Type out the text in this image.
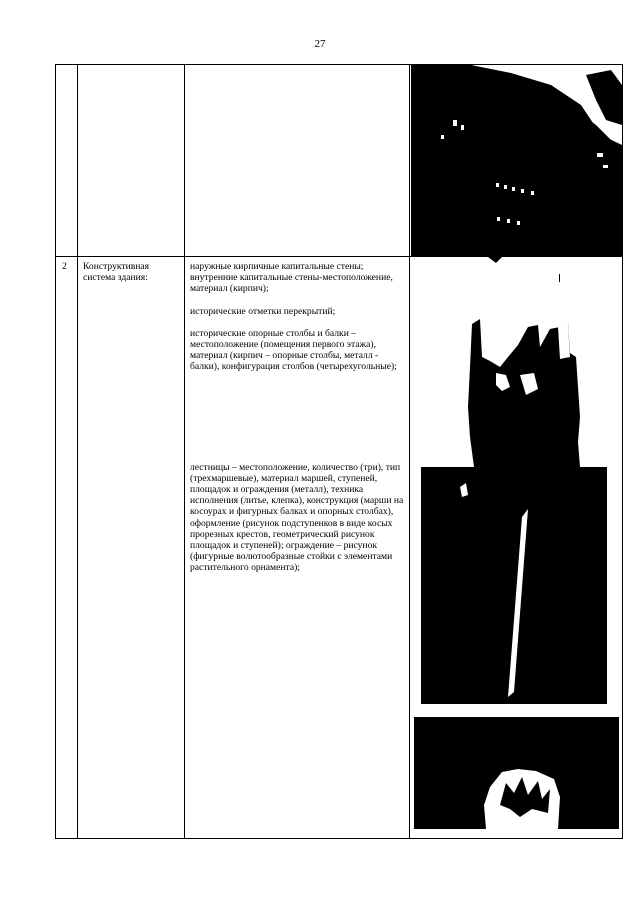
27

2	Конструктивная система здания:	наружные кирпичные капитальные стены; внутренние капитальные стены-местоположение, материал (кирпич);
исторические отметки перекрытий;
исторические опорные столбы и балки – местоположение (помещения первого этажа), материал (кирпич – опорные столбы, металл - балки), конфигурация столбов (четырехугольные);
лестницы – местоположение, количество (три), тип (трехмаршевые), материал маршей, ступеней, площадок и ограждения (металл), техника исполнения (литье, клепка), конструкция (марши на косоурах и фигурных балках и опорных столбах), оформление (рисунок подступенков в виде косых прорезных крестов, геометрический рисунок площадок и ступеней); ограждение – рисунок (фигурные волютообразные стойки с элементами растительного орнамента);
